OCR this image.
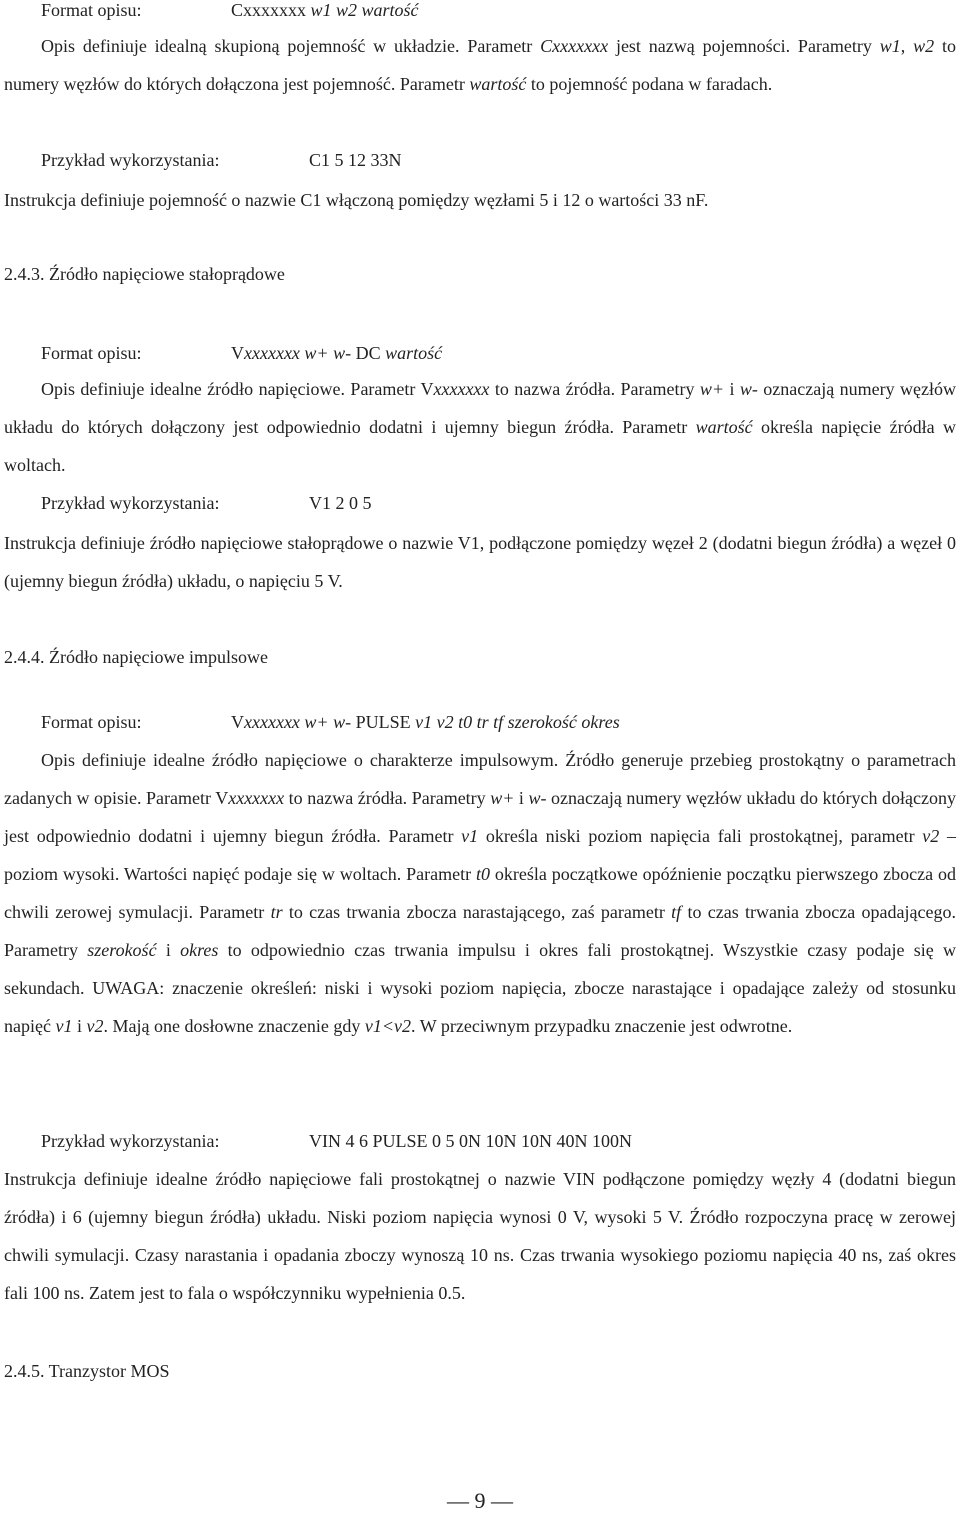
Format opisu:	Cxxxxxxx w1 w2 wartość

Opis definiuje idealną skupioną pojemność w układzie. Parametr Cxxxxxxx jest nazwą pojemności. Parametry w1, w2 to numery węzłów do których dołączona jest pojemność. Parametr wartość to pojemność podana w faradach.

Przykład wykorzystania:	C1 5 12 33N
Instrukcja definiuje pojemność o nazwie C1 włączoną pomiędzy węzłami 5 i 12 o wartości 33 nF.
2.4.3. Źródło napięciowe stałoprądowe
Format opisu:	Vxxxxxxx w+ w- DC wartość

Opis definiuje idealne źródło napięciowe. Parametr Vxxxxxxx to nazwa źródła. Parametry w+ i w- oznaczają numery węzłów układu do których dołączony jest odpowiednio dodatni i ujemny biegun źródła. Parametr wartość określa napięcie źródła w woltach.

Przykład wykorzystania:	V1 2 0 5

Instrukcja definiuje źródło napięciowe stałoprądowe o nazwie V1, podłączone pomiędzy węzeł 2 (dodatni biegun źródła) a węzeł 0 (ujemny biegun źródła) układu, o napięciu 5 V.

2.4.4. Źródło napięciowe impulsowe
Format opisu:	Vxxxxxxx w+ w- PULSE v1 v2 t0 tr tf szerokość okres

Opis definiuje idealne źródło napięciowe o charakterze impulsowym. Źródło generuje przebieg prostokątny o parametrach zadanych w opisie. Parametr Vxxxxxxx to nazwa źródła. Parametry w+ i w- oznaczają numery węzłów układu do których dołączony jest odpowiednio dodatni i ujemny biegun źródła. Parametr v1 określa niski poziom napięcia fali prostokątnej, parametr v2 – poziom wysoki. Wartości napięć podaje się w woltach. Parametr t0 określa początkowe opóźnienie początku pierwszego zbocza od chwili zerowej symulacji. Parametr tr to czas trwania zbocza narastającego, zaś parametr tf to czas trwania zbocza opadającego. Parametry szerokość i okres to odpowiednio czas trwania impulsu i okres fali prostokątnej. Wszystkie czasy podaje się w sekundach. UWAGA: znaczenie określeń: niski i wysoki poziom napięcia, zbocze narastające i opadające zależy od stosunku napięć v1 i v2. Mają one dosłowne znaczenie gdy v1<v2. W przeciwnym przypadku znaczenie jest odwrotne.

Przykład wykorzystania:	VIN 4 6 PULSE 0 5 0N 10N 10N 40N 100N

Instrukcja definiuje idealne źródło napięciowe fali prostokątnej o nazwie VIN podłączone pomiędzy węzły 4 (dodatni biegun źródła) i 6 (ujemny biegun źródła) układu. Niski poziom napięcia wynosi 0 V, wysoki 5 V. Źródło rozpoczyna pracę w zerowej chwili symulacji. Czasy narastania i opadania zboczy wynoszą 10 ns. Czas trwania wysokiego poziomu napięcia 40 ns, zaś okres fali 100 ns. Zatem jest to fala o współczynniku wypełnienia 0.5.

2.4.5. Tranzystor MOS
— 9 —
